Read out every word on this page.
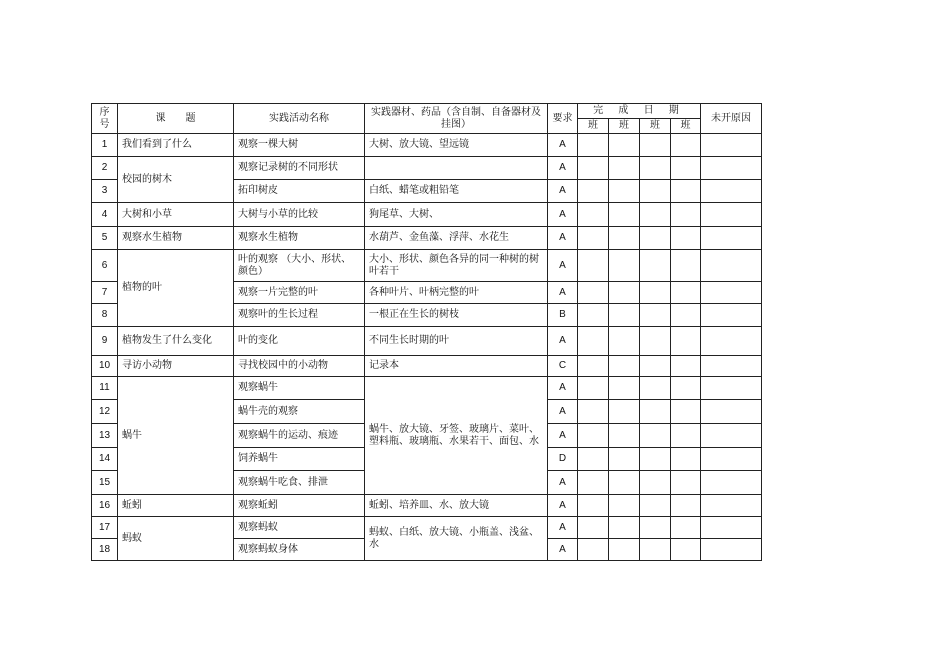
序号	课　　题	实践活动名称	实践器材、药品（含自制、自备器材及挂图）	要求	完 成 日 期				未开原因
					班	班	班	班	
1	我们看到了什么	观察一棵大树	大树、放大镜、望远镜	A					
2	校园的树木	观察记录树的不同形状		A					
3		拓印树皮	白纸、蜡笔或粗铅笔	A					
4	大树和小草	大树与小草的比较	狗尾草、大树、	A					
5	观察水生植物	观察水生植物	水葫芦、金鱼藻、浮萍、水花生	A					
6	植物的叶	叶的观察 （大小、形状、颜色）	大小、形状、颜色各异的同一种树的树叶若干	A					
7		观察一片完整的叶	各种叶片、叶柄完整的叶	A					
8		观察叶的生长过程	一根正在生长的树枝	B					
9	植物发生了什么变化	叶的变化	不同生长时期的叶	A					
10	寻访小动物	寻找校园中的小动物	记录本	C					
11	蜗牛	观察蜗牛	蜗牛、放大镜、牙签、玻璃片、菜叶、塑料瓶、玻璃瓶、水果若干、面包、水	A					
12		蜗牛壳的观察		A					
13		观察蜗牛的运动、痕迹		A					
14		饲养蜗牛		D					
15		观察蜗牛吃食、排泄		A					
16	蚯蚓	观察蚯蚓	蚯蚓、培养皿、水、放大镜	A					
17	蚂蚁	观察蚂蚁	蚂蚁、白纸、放大镜、小瓶盖、浅盆、水	A					
18		观察蚂蚁身体		A					
